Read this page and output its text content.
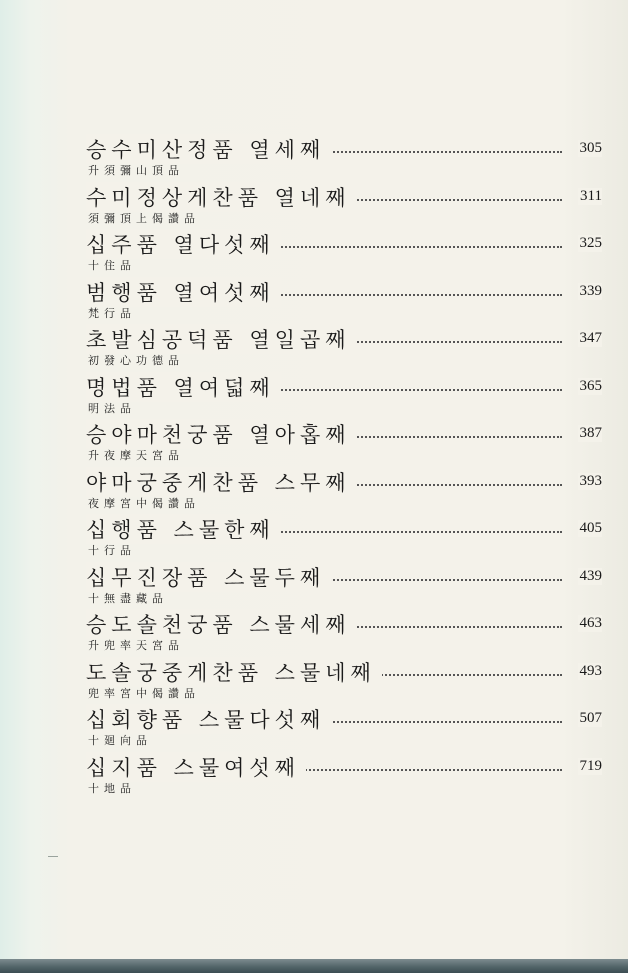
승수미산정품 열세째	305
升須彌山頂品
수미정상게찬품 열네째	311
須彌頂上偈讚品
십주품 열다섯째	325
十住品
범행품 열여섯째	339
梵行品
초발심공덕품 열일곱째	347
初發心功德品
명법품 열여덟째	365
明法品
승야마천궁품 열아홉째	387
升夜摩天宮品
야마궁중게찬품 스무째	393
夜摩宮中偈讚品
십행품 스물한째	405
十行品
십무진장품 스물두째	439
十無盡藏品
승도솔천궁품 스물세째	463
升兜率天宮品
도솔궁중게찬품 스물네째	493
兜率宮中偈讚品
십회향품 스물다섯째	507
十廻向品
십지품 스물여섯째	719
十地品
